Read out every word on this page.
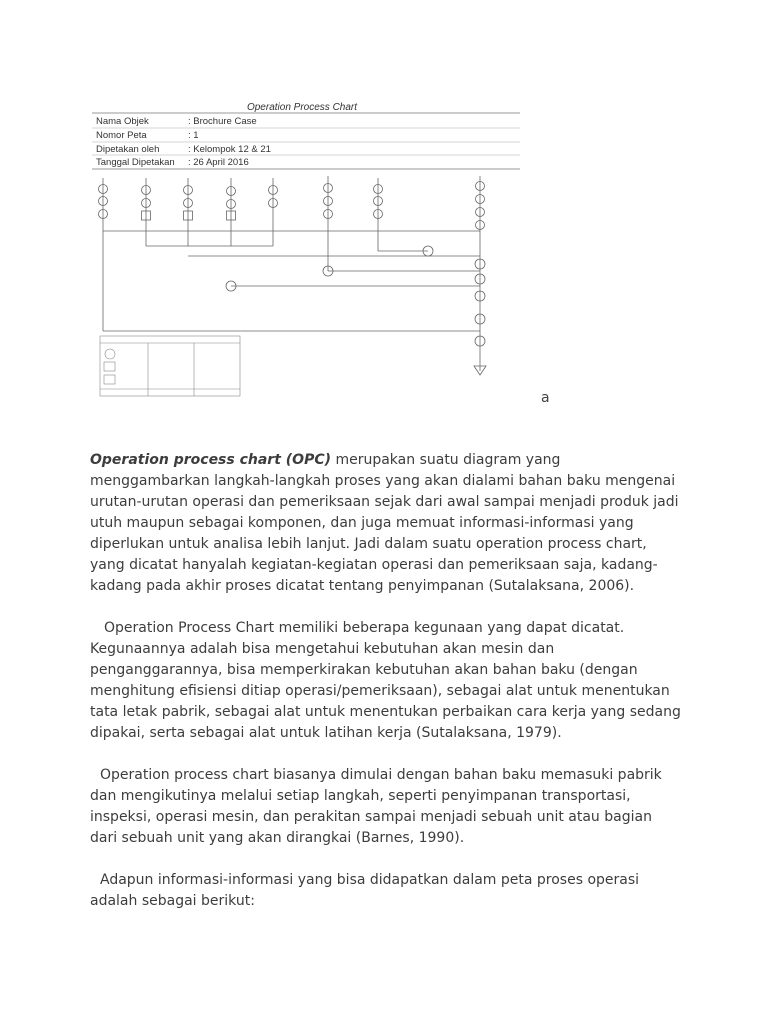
Operation Process Chart
Nama Objek	: Brochure Case
Nomor Peta	: 1
Dipetakan oleh	: Kelompok 12 & 21
Tanggal Dipetakan : 26 April 2016
a

Operation process chart (OPC) merupakan suatu diagram yang menggambarkan langkah-langkah proses yang akan dialami bahan baku mengenai urutan-urutan operasi dan pemeriksaan sejak dari awal sampai menjadi produk jadi utuh maupun sebagai komponen, dan juga memuat informasi-informasi yang diperlukan untuk analisa lebih lanjut. Jadi dalam suatu operation process chart, yang dicatat hanyalah kegiatan-kegiatan operasi dan pemeriksaan saja, kadang-kadang pada akhir proses dicatat tentang penyimpanan (Sutalaksana, 2006).

Operation Process Chart memiliki beberapa kegunaan yang dapat dicatat. Kegunaannya adalah bisa mengetahui kebutuhan akan mesin dan penganggarannya, bisa memperkirakan kebutuhan akan bahan baku (dengan menghitung efisiensi ditiap operasi/pemeriksaan), sebagai alat untuk menentukan tata letak pabrik, sebagai alat untuk menentukan perbaikan cara kerja yang sedang dipakai, serta sebagai alat untuk latihan kerja (Sutalaksana, 1979).

Operation process chart biasanya dimulai dengan bahan baku memasuki pabrik dan mengikutinya melalui setiap langkah, seperti penyimpanan transportasi, inspeksi, operasi mesin, dan perakitan sampai menjadi sebuah unit atau bagian dari sebuah unit yang akan dirangkai (Barnes, 1990).

Adapun informasi-informasi yang bisa didapatkan dalam peta proses operasi adalah sebagai berikut:
